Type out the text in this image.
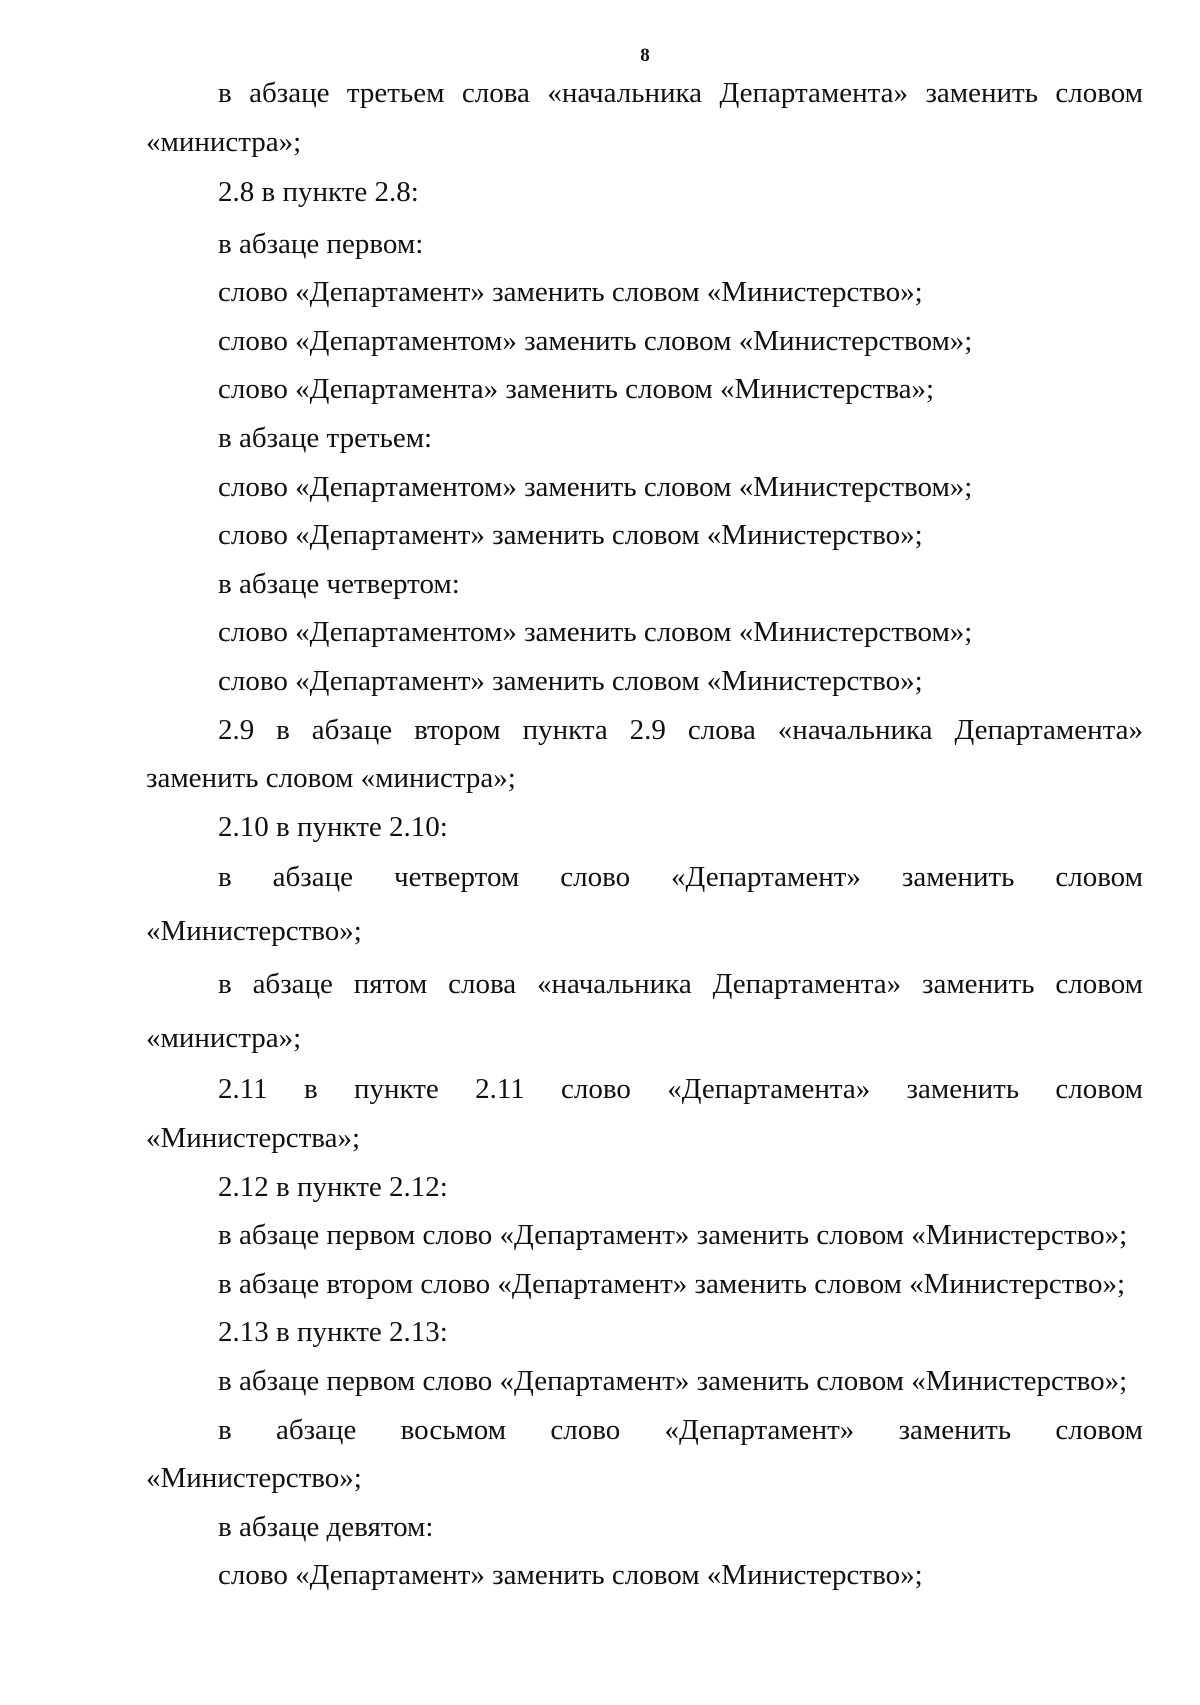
8

в абзаце третьем слова «начальника Департамента» заменить словом «министра»;

2.8 в пункте 2.8:

в абзаце первом:

слово «Департамент» заменить словом «Министерство»;

слово «Департаментом» заменить словом «Министерством»;

слово «Департамента» заменить словом «Министерства»;

в абзаце третьем:

слово «Департаментом» заменить словом «Министерством»;

слово «Департамент» заменить словом «Министерство»;

в абзаце четвертом:

слово «Департаментом» заменить словом «Министерством»;

слово «Департамент» заменить словом «Министерство»;

2.9 в абзаце втором пункта 2.9 слова «начальника Департамента» заменить словом «министра»;

2.10 в пункте 2.10:

в абзаце четвертом слово «Департамент» заменить словом «Министерство»;

в абзаце пятом слова «начальника Департамента» заменить словом «министра»;

2.11 в пункте 2.11 слово «Департамента» заменить словом «Министерства»;

2.12 в пункте 2.12:

в абзаце первом слово «Департамент» заменить словом «Министерство»;

в абзаце втором слово «Департамент» заменить словом «Министерство»;

2.13 в пункте 2.13:

в абзаце первом слово «Департамент» заменить словом «Министерство»;

в абзаце восьмом слово «Департамент» заменить словом «Министерство»;

в абзаце девятом:

слово «Департамент» заменить словом «Министерство»;
